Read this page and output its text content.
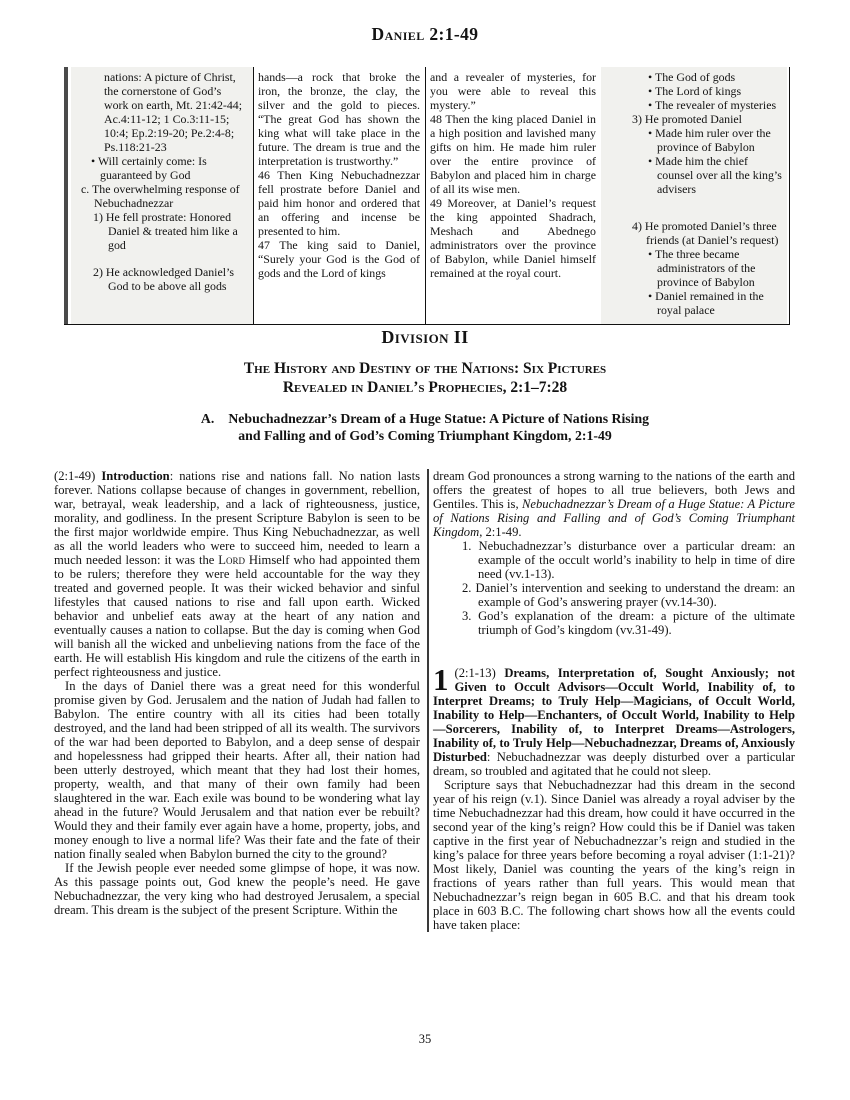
Daniel 2:1-49
nations: A picture of Christ, the cornerstone of God’s work on earth, Mt. 21:42-44; Ac.4:11-12; 1 Co.3:11-15; 10:4; Ep.2:19-20; Pe.2:4-8; Ps.118:21-23
• Will certainly come: Is guaranteed by God
c. The overwhelming response of Nebuchadnezzar
1) He fell prostrate: Honored Daniel & treated him like a god
2) He acknowledged Daniel’s God to be above all gods
hands—a rock that broke the iron, the bronze, the clay, the silver and the gold to pieces. “The great God has shown the king what will take place in the future. The dream is true and the interpretation is trustworthy.”
46 Then King Nebuchadnezzar fell prostrate before Daniel and paid him honor and ordered that an offering and incense be presented to him.
47 The king said to Daniel, “Surely your God is the God of gods and the Lord of kings
and a revealer of mysteries, for you were able to reveal this mystery.”
48 Then the king placed Daniel in a high position and lavished many gifts on him. He made him ruler over the entire province of Babylon and placed him in charge of all its wise men.
49 Moreover, at Daniel’s request the king appointed Shadrach, Meshach and Abednego administrators over the province of Babylon, while Daniel himself remained at the royal court.
• The God of gods
• The Lord of kings
• The revealer of mysteries
3) He promoted Daniel
• Made him ruler over the province of Babylon
• Made him the chief counsel over all the king’s advisers
4) He promoted Daniel’s three friends (at Daniel’s request)
• The three became administrators of the province of Babylon
• Daniel remained in the royal palace
Division II
The History and Destiny of the Nations: Six Pictures
Revealed in Daniel’s Prophecies, 2:1–7:28
A. Nebuchadnezzar’s Dream of a Huge Statue: A Picture of Nations Rising
and Falling and of God’s Coming Triumphant Kingdom, 2:1-49
(2:1-49) Introduction: nations rise and nations fall. No nation lasts forever. Nations collapse because of changes in government, rebellion, war, betrayal, weak leadership, and a lack of righteousness, justice, morality, and godliness. In the present Scripture Babylon is seen to be the first major worldwide empire. Thus King Nebuchadnezzar, as well as all the world leaders who were to succeed him, needed to learn a much needed lesson: it was the Lord Himself who had appointed them to be rulers; therefore they were held accountable for the way they treated and governed people. It was their wicked behavior and sinful lifestyles that caused nations to rise and fall upon earth. Wicked behavior and unbelief eats away at the heart of any nation and eventually causes a nation to collapse. But the day is coming when God will banish all the wicked and unbelieving nations from the face of the earth. He will establish His kingdom and rule the citizens of the earth in perfect righteousness and justice.
In the days of Daniel there was a great need for this wonderful promise given by God. Jerusalem and the nation of Judah had fallen to Babylon. The entire country with all its cities had been totally destroyed, and the land had been stripped of all its wealth. The survivors of the war had been deported to Babylon, and a deep sense of despair and hopelessness had gripped their hearts. After all, their nation had been utterly destroyed, which meant that they had lost their homes, property, wealth, and that many of their own family had been slaughtered in the war. Each exile was bound to be wondering what lay ahead in the future? Would Jerusalem and that nation ever be rebuilt? Would they and their family ever again have a home, property, jobs, and money enough to live a normal life? Was their fate and the fate of their nation finally sealed when Babylon burned the city to the ground?
If the Jewish people ever needed some glimpse of hope, it was now. As this passage points out, God knew the people’s need. He gave Nebuchadnezzar, the very king who had destroyed Jerusalem, a special dream. This dream is the subject of the present Scripture. Within the
dream God pronounces a strong warning to the nations of the earth and offers the greatest of hopes to all true believers, both Jews and Gentiles. This is, Nebuchadnezzar’s Dream of a Huge Statue: A Picture of Nations Rising and Falling and of God’s Coming Triumphant Kingdom, 2:1-49.
1. Nebuchadnezzar’s disturbance over a particular dream: an example of the occult world’s inability to help in time of dire need (vv.1-13).
2. Daniel’s intervention and seeking to understand the dream: an example of God’s answering prayer (vv.14-30).
3. God’s explanation of the dream: a picture of the ultimate triumph of God’s kingdom (vv.31-49).
1 (2:1-13) Dreams, Interpretation of, Sought Anxiously; not Given to Occult Advisors—Occult World, Inability of, to Interpret Dreams; to Truly Help—Magicians, of Occult World, Inability to Help—Enchanters, of Occult World, Inability to Help—Sorcerers, Inability of, to Interpret Dreams—Astrologers, Inability of, to Truly Help—Nebuchadnezzar, Dreams of, Anxiously Disturbed: Nebuchadnezzar was deeply disturbed over a particular dream, so troubled and agitated that he could not sleep.
Scripture says that Nebuchadnezzar had this dream in the second year of his reign (v.1). Since Daniel was already a royal adviser by the time Nebuchadnezzar had this dream, how could it have occurred in the second year of the king’s reign? How could this be if Daniel was taken captive in the first year of Nebuchadnezzar’s reign and studied in the king’s palace for three years before becoming a royal adviser (1:1-21)? Most likely, Daniel was counting the years of the king’s reign in fractions of years rather than full years. This would mean that Nebuchadnezzar’s reign began in 605 B.C. and that his dream took place in 603 B.C. The following chart shows how all the events could have taken place:
35
